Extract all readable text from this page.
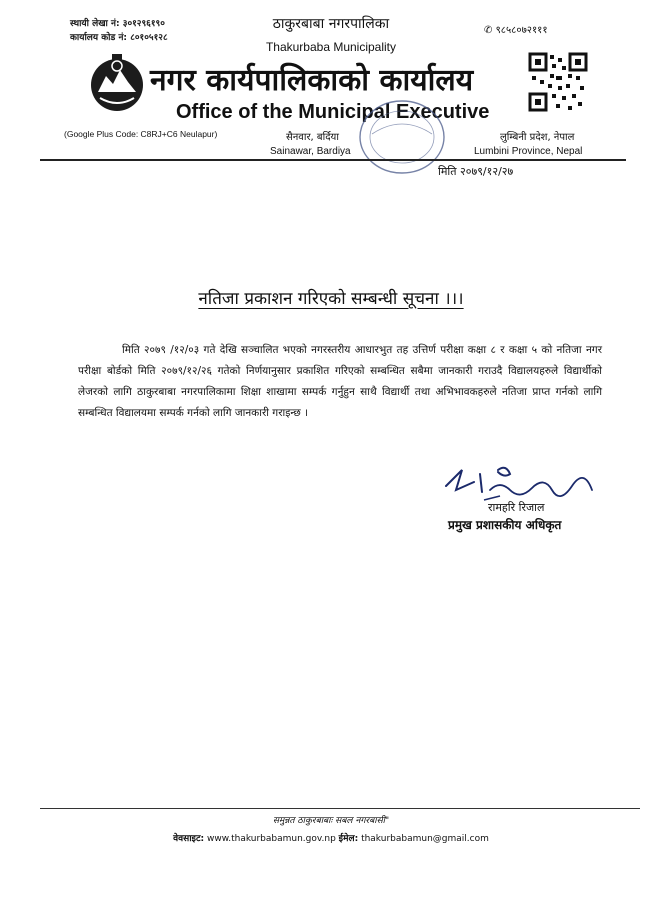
स्थायी लेखा नं: ३०१२९६१९०
कार्यालय कोड नं: ८०१०५१२८
ठाकुरबाबा नगरपालिका
Thakurbaba Municipality
✆ ९८५८०७२१११
नगर कार्यपालिकाको कार्यालय
Office of the Municipal Executive
(Google Plus Code: C8RJ+C6 Neulapur)	सैनवार, बर्दिया
Sainawar, Bardiya
लुम्बिनी प्रदेश, नेपाल
Lumbini Province, Nepal
मिति २०७९/१२/२७
नतिजा प्रकाशन गरिएको सम्बन्धी सूचना ।।।
मिति २०७९ /१२/०३ गते देखि सञ्चालित भएको नगरस्तरीय आधारभुत तह उत्तिर्ण परीक्षा कक्षा ८ र कक्षा ५ को नतिजा नगर परीक्षा बोर्डको मिति २०७९/१२/२६ गतेको निर्णयानुसार प्रकाशित गरिएको सम्बन्धित सबैमा जानकारी गराउदै विद्यालयहरुले विद्यार्थीको लेजरको लागि ठाकुरबाबा नगरपालिकामा शिक्षा शाखामा सम्पर्क गर्नुहुन साथै विद्यार्थी तथा अभिभावकहरुले नतिजा प्राप्त गर्नको लागि सम्बन्धित विद्यालयमा सम्पर्क गर्नको लागि जानकारी गराइन्छ ।
रामहरि रिजाल
प्रमुख प्रशासकीय अधिकृत
समुन्नत ठाकुरबाबाः सबल नगरबासी"
वेवसाइट: www.thakurbabamun.gov.np ईमेल: thakurbabamun@gmail.com
